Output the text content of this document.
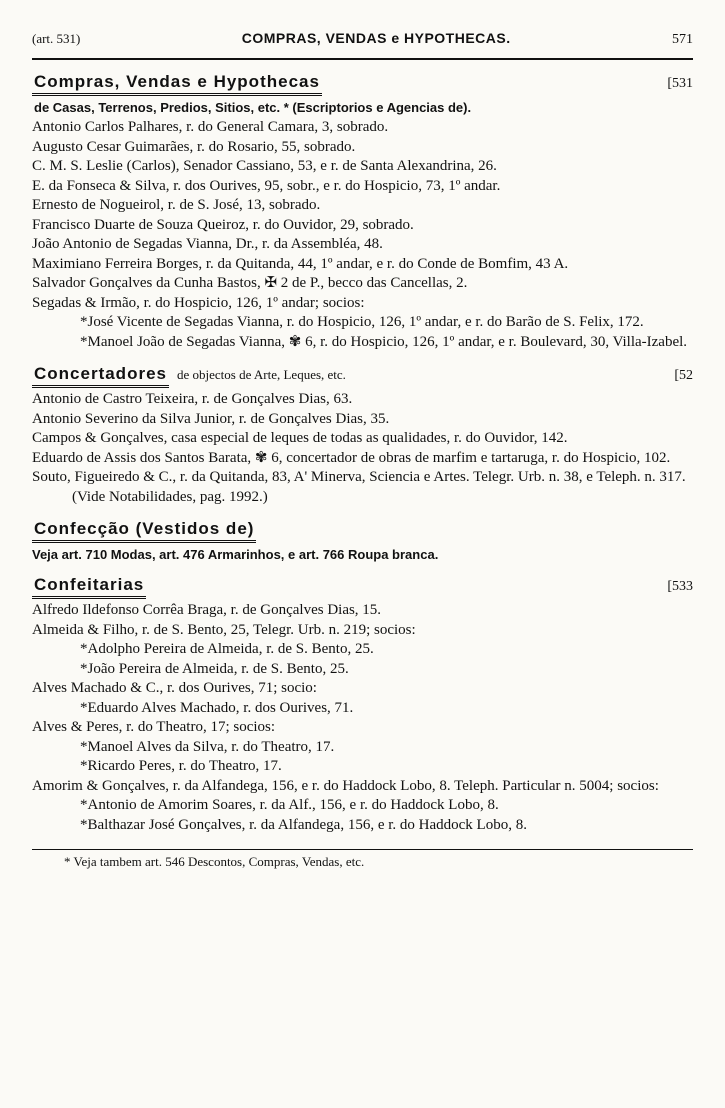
(art. 531)	COMPRAS, VENDAS e HYPOTHECAS.	571
Compras, Vendas e Hypothecas	[531
de Casas, Terrenos, Predios, Sitios, etc. * (Escriptorios e Agencias de).
Antonio Carlos Palhares, r. do General Camara, 3, sobrado.
Augusto Cesar Guimarães, r. do Rosario, 55, sobrado.
C. M. S. Leslie (Carlos), Senador Cassiano, 53, e r. de Santa Alexandrina, 26.
E. da Fonseca & Silva, r. dos Ourives, 95, sobr., e r. do Hospicio, 73, 1º andar.
Ernesto de Nogueirol, r. de S. José, 13, sobrado.
Francisco Duarte de Souza Queiroz, r. do Ouvidor, 29, sobrado.
João Antonio de Segadas Vianna, Dr., r. da Assembléa, 48.
Maximiano Ferreira Borges, r. da Quitanda, 44, 1º andar, e r. do Conde de Bomfim, 43 A.
Salvador Gonçalves da Cunha Bastos, ✠ 2 de P., becco das Cancellas, 2.
Segadas & Irmão, r. do Hospicio, 126, 1º andar; socios:
*José Vicente de Segadas Vianna, r. do Hospicio, 126, 1º andar, e r. do Barão de S. Felix, 172.
*Manoel João de Segadas Vianna, ✾ 6, r. do Hospicio, 126, 1º andar, e r. Boulevard, 30, Villa-Izabel.
Concertadores de objectos de Arte, Leques, etc.	[52
Antonio de Castro Teixeira, r. de Gonçalves Dias, 63.
Antonio Severino da Silva Junior, r. de Gonçalves Dias, 35.
Campos & Gonçalves, casa especial de leques de todas as qualidades, r. do Ouvidor, 142.
Eduardo de Assis dos Santos Barata, ✾ 6, concertador de obras de marfim e tartaruga, r. do Hospicio, 102.
Souto, Figueiredo & C., r. da Quitanda, 83, A' Minerva, Sciencia e Artes. Telegr. Urb. n. 38, e Teleph. n. 317. (Vide Notabilidades, pag. 1992.)
Confecção (Vestidos de)
Veja art. 710 Modas, art. 476 Armarinhos, e art. 766 Roupa branca.
Confeitarias	[533
Alfredo Ildefonso Corrêa Braga, r. de Gonçalves Dias, 15.
Almeida & Filho, r. de S. Bento, 25, Telegr. Urb. n. 219; socios:
*Adolpho Pereira de Almeida, r. de S. Bento, 25.
*João Pereira de Almeida, r. de S. Bento, 25.
Alves Machado & C., r. dos Ourives, 71; socio:
*Eduardo Alves Machado, r. dos Ourives, 71.
Alves & Peres, r. do Theatro, 17; socios:
*Manoel Alves da Silva, r. do Theatro, 17.
*Ricardo Peres, r. do Theatro, 17.
Amorim & Gonçalves, r. da Alfandega, 156, e r. do Haddock Lobo, 8. Teleph. Particular n. 5004; socios:
*Antonio de Amorim Soares, r. da Alf., 156, e r. do Haddock Lobo, 8.
*Balthazar José Gonçalves, r. da Alfandega, 156, e r. do Haddock Lobo, 8.
* Veja tambem art. 546 Descontos, Compras, Vendas, etc.
